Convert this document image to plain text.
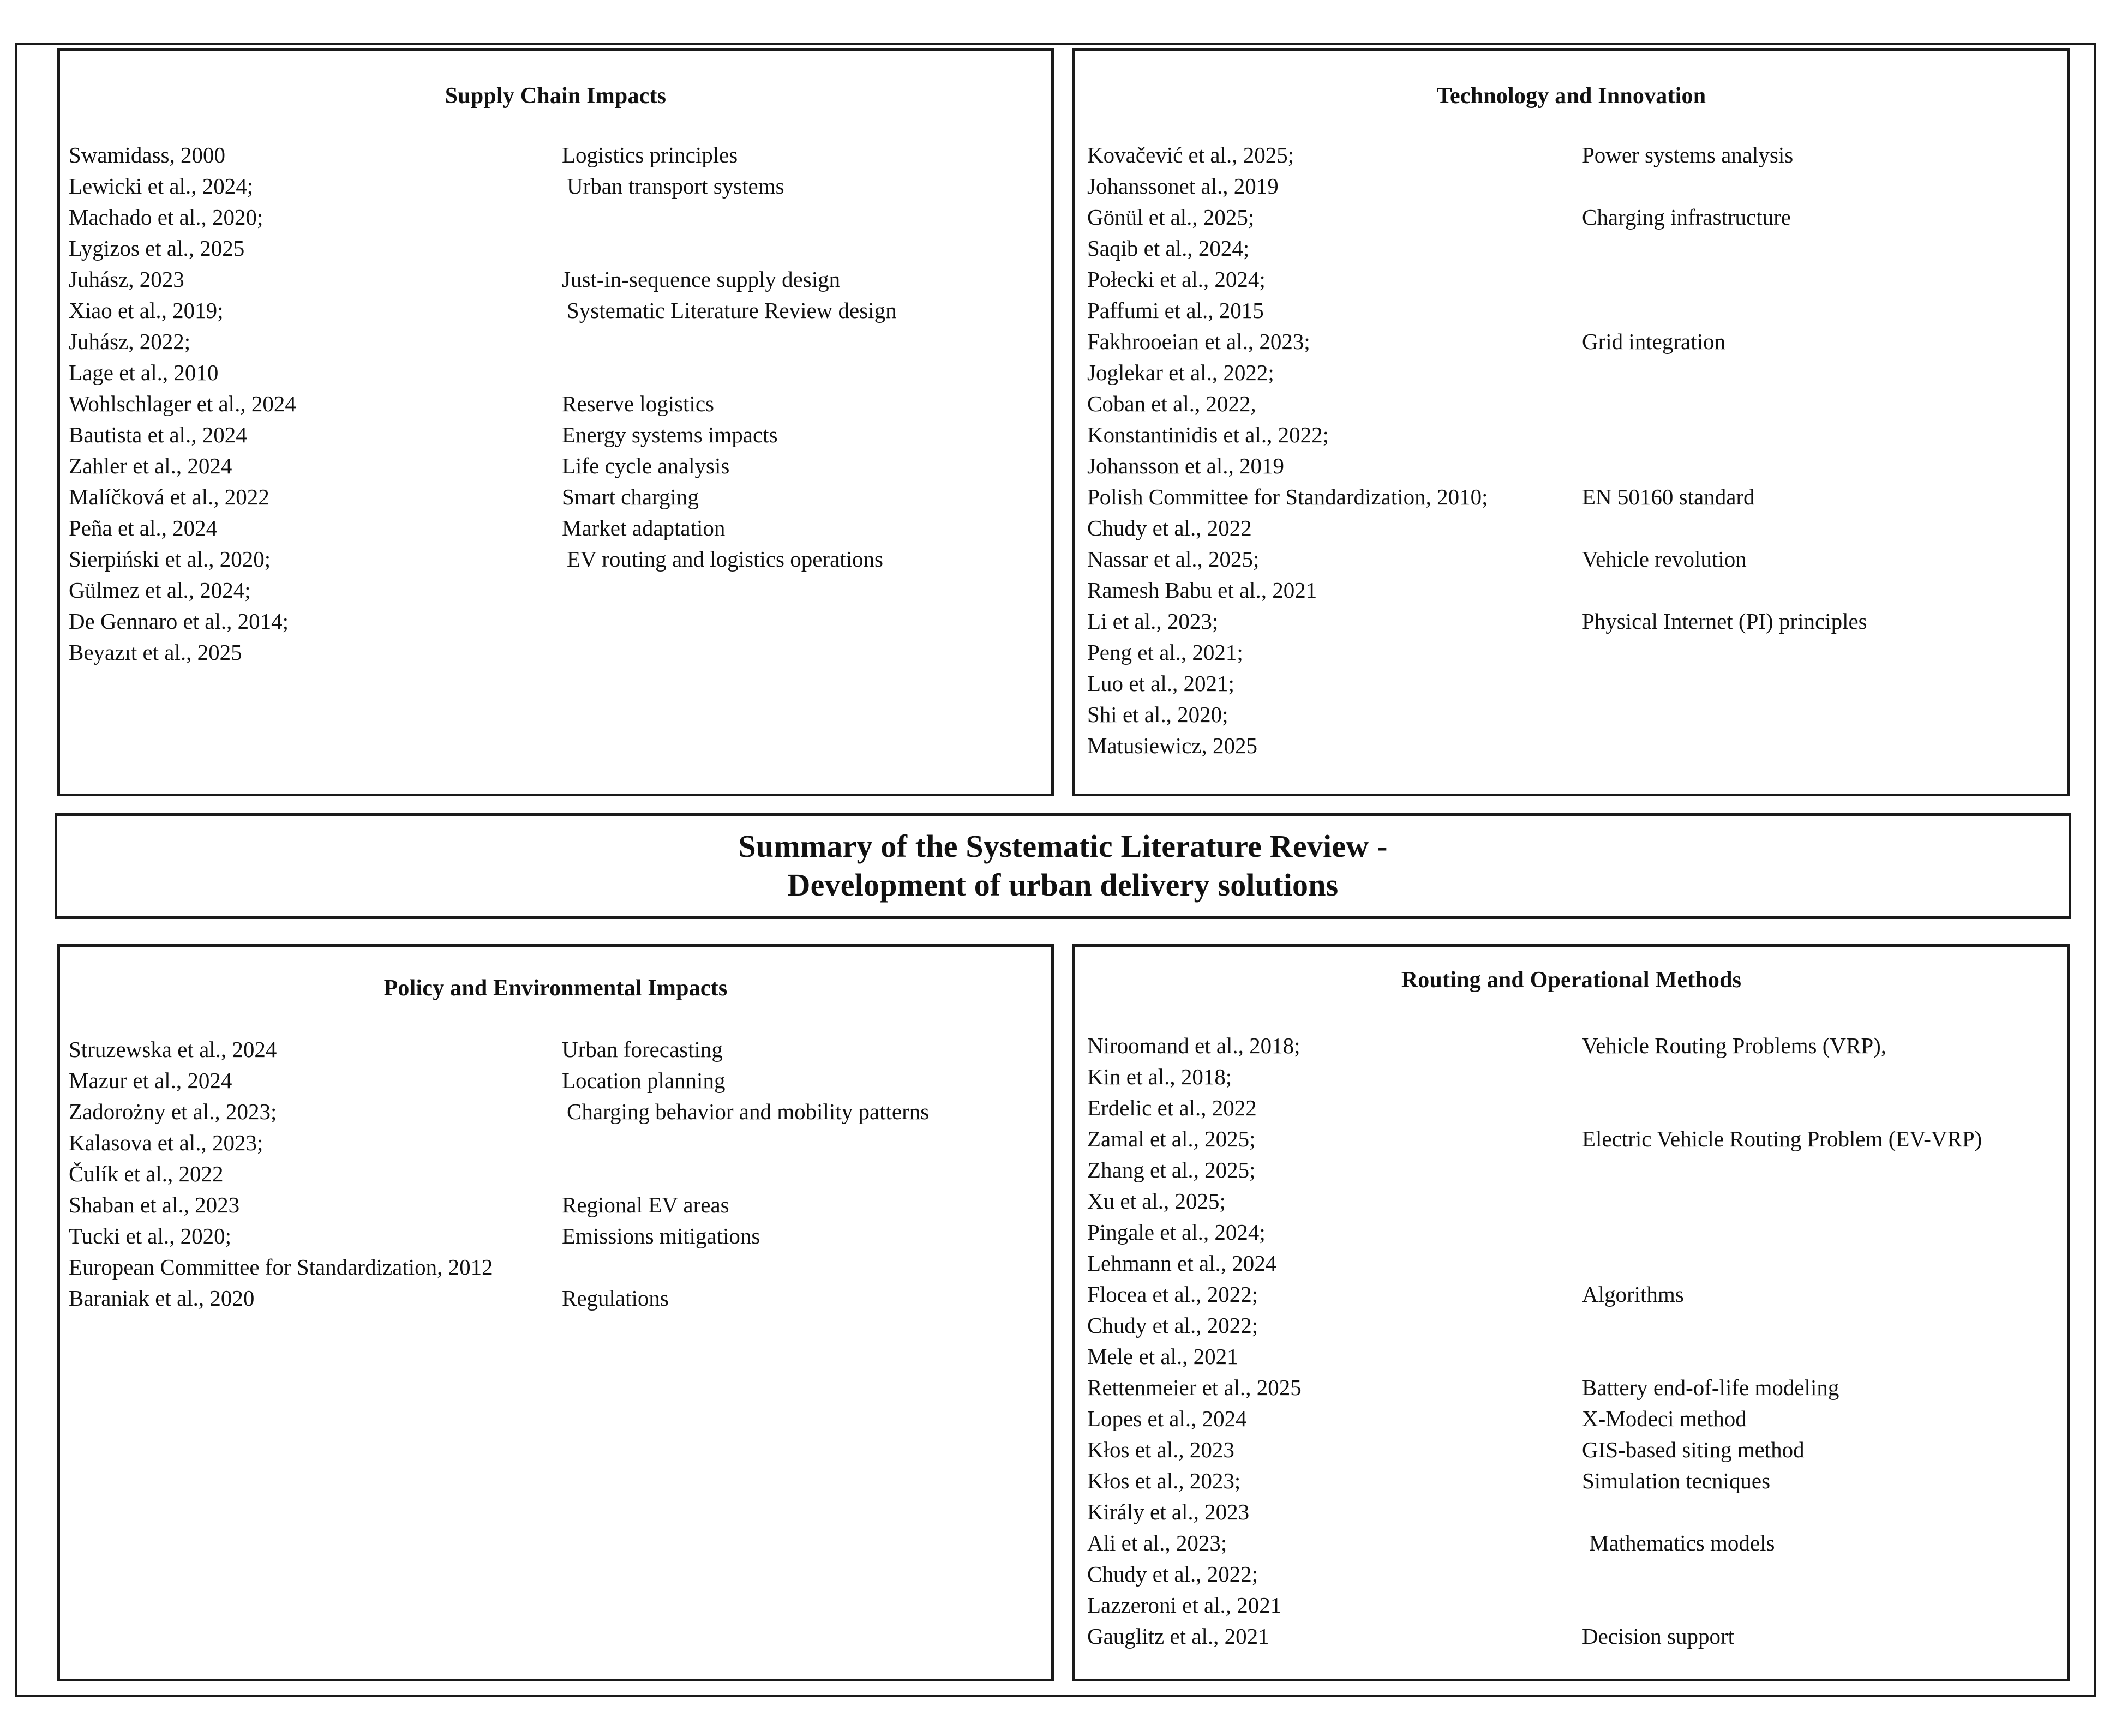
Supply Chain Impacts
Swamidass, 2000	Logistics principles
Lewicki et al., 2024;	Urban transport systems
Machado et al., 2020;
Lygizos et al., 2025
Juhász, 2023	Just-in-sequence supply design
Xiao et al., 2019;	Systematic Literature Review design
Juhász, 2022;
Lage et al., 2010
Wohlschlager et al., 2024	Reserve logistics
Bautista et al., 2024	Energy systems impacts
Zahler et al., 2024	Life cycle analysis
Malíčková et al., 2022	Smart charging
Peña et al., 2024	Market adaptation
Sierpiński et al., 2020;	EV routing and logistics operations
Gülmez et al., 2024;
De Gennaro et al., 2014;
Beyazıt et al., 2025
Technology and Innovation
Kovačević et al., 2025;	Power systems analysis
Johanssonet al., 2019
Gönül et al., 2025;	Charging infrastructure
Saqib et al., 2024;
Połecki et al., 2024;
Paffumi et al., 2015
Fakhrooeian et al., 2023;	Grid integration
Joglekar et al., 2022;
Coban et al., 2022,
Konstantinidis et al., 2022;
Johansson et al., 2019
Polish Committee for Standardization, 2010;	EN 50160 standard
Chudy et al., 2022
Nassar et al., 2025;	Vehicle revolution
Ramesh Babu et al., 2021
Li et al., 2023;	Physical Internet (PI) principles
Peng et al., 2021;
Luo et al., 2021;
Shi et al., 2020;
Matusiewicz, 2025
Summary of the Systematic Literature Review -
Development of urban delivery solutions
Policy and Environmental Impacts
Struzewska et al., 2024	Urban forecasting
Mazur et al., 2024	Location planning
Zadorożny et al., 2023;	Charging behavior and mobility patterns
Kalasova et al., 2023;
Čulík et al., 2022
Shaban et al., 2023	Regional EV areas
Tucki et al., 2020;	Emissions mitigations
European Committee for Standardization, 2012
Baraniak et al., 2020	Regulations
Routing and Operational Methods
Niroomand et al., 2018;	Vehicle Routing Problems (VRP),
Kin et al., 2018;
Erdelic et al., 2022
Zamal et al., 2025;	Electric Vehicle Routing Problem (EV-VRP)
Zhang et al., 2025;
Xu et al., 2025;
Pingale et al., 2024;
Lehmann et al., 2024
Flocea et al., 2022;	Algorithms
Chudy et al., 2022;
Mele et al., 2021
Rettenmeier et al., 2025	Battery end-of-life modeling
Lopes et al., 2024	X-Modeci method
Kłos et al., 2023	GIS-based siting method
Kłos et al., 2023;	Simulation tecniques
Király et al., 2023
Ali et al., 2023;	Mathematics models
Chudy et al., 2022;
Lazzeroni et al., 2021
Gauglitz et al., 2021	Decision support
